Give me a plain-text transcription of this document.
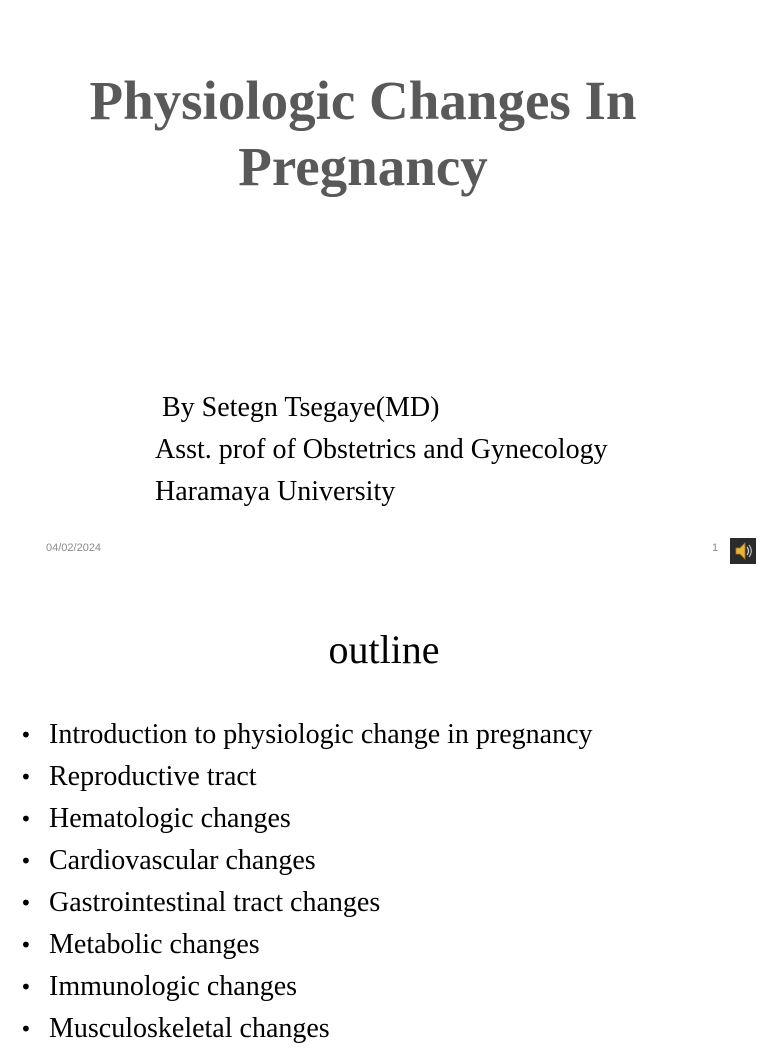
Physiologic Changes In
Pregnancy
By Setegn Tsegaye(MD)
Asst. prof of Obstetrics and Gynecology
Haramaya University
04/02/2024	1
outline
• Introduction to physiologic change in pregnancy
• Reproductive tract
• Hematologic changes
• Cardiovascular changes
• Gastrointestinal tract changes
• Metabolic changes
• Immunologic changes
• Musculoskeletal changes
